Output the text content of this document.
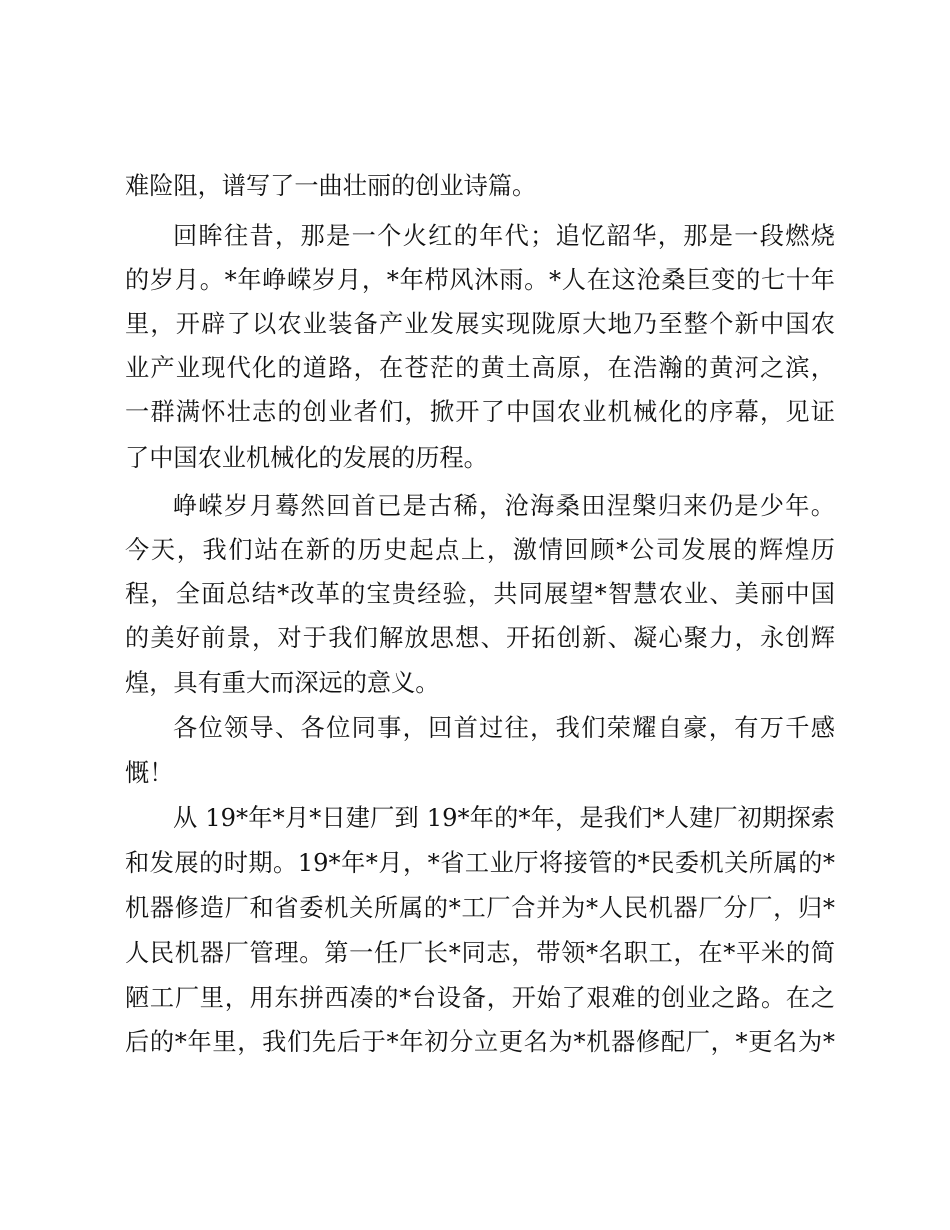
难险阻，谱写了一曲壮丽的创业诗篇。
回眸往昔，那是一个火红的年代；追忆韶华，那是一段燃烧
的岁月。*年峥嵘岁月，*年栉风沐雨。*人在这沧桑巨变的七十年
里，开辟了以农业装备产业发展实现陇原大地乃至整个新中国农
业产业现代化的道路，在苍茫的黄土高原，在浩瀚的黄河之滨，
一群满怀壮志的创业者们，掀开了中国农业机械化的序幕，见证
了中国农业机械化的发展的历程。
峥嵘岁月蓦然回首已是古稀，沧海桑田涅槃归来仍是少年。
今天，我们站在新的历史起点上，激情回顾*公司发展的辉煌历
程，全面总结*改革的宝贵经验，共同展望*智慧农业、美丽中国
的美好前景，对于我们解放思想、开拓创新、凝心聚力，永创辉
煌，具有重大而深远的意义。
各位领导、各位同事，回首过往，我们荣耀自豪，有万千感
慨！
从 19*年*月*日建厂到 19*年的*年，是我们*人建厂初期探索
和发展的时期。19*年*月，*省工业厅将接管的*民委机关所属的*
机器修造厂和省委机关所属的*工厂合并为*人民机器厂分厂，归*
人民机器厂管理。第一任厂长*同志，带领*名职工，在*平米的简
陋工厂里，用东拼西凑的*台设备，开始了艰难的创业之路。在之
后的*年里，我们先后于*年初分立更名为*机器修配厂，*更名为*
